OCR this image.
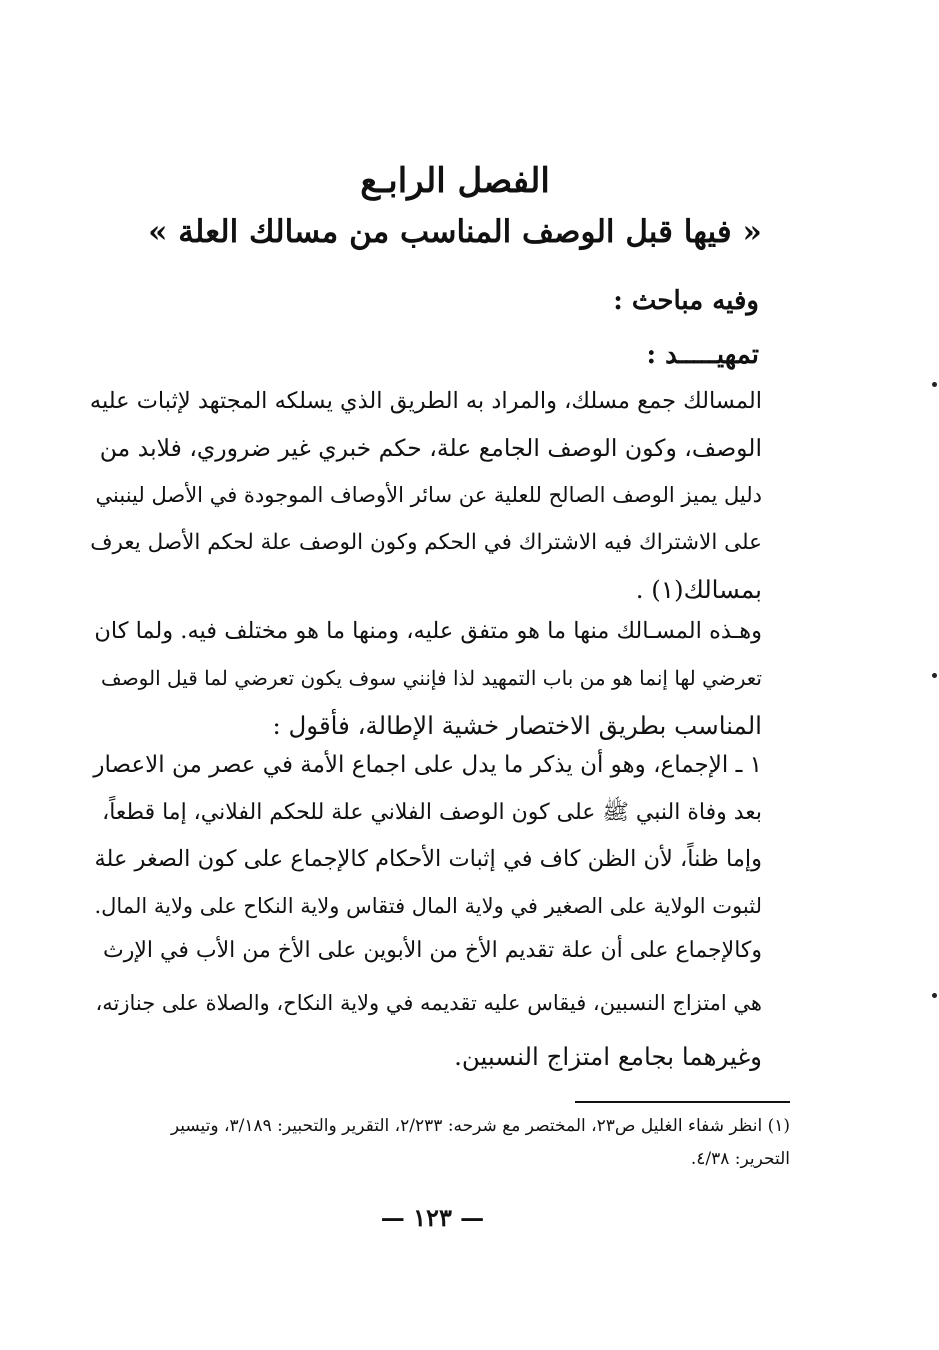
الفصل الرابـع
« فيها قبل الوصف المناسب من مسالك العلة »
وفيه مباحث :
تمهيـــــد :
المسالك جمع مسلك، والمراد به الطريق الذي يسلكه المجتهد لإثبات عليه
الوصف، وكون الوصف الجامع علة، حكم خبري غير ضروري، فلابد من
دليل يميز الوصف الصالح للعلية عن سائر الأوصاف الموجودة في الأصل لينبني
على الاشتراك فيه الاشتراك في الحكم وكون الوصف علة لحكم الأصل يعرف
بمسالك(١) .
وهـذه المسـالك منها ما هو متفق عليه، ومنها ما هو مختلف فيه. ولما كان
تعرضي لها إنما هو من باب التمهيد لذا فإنني سوف يكون تعرضي لما قيل الوصف
المناسب بطريق الاختصار خشية الإطالة، فأقول :
١ ـ الإجماع، وهو أن يذكر ما يدل على اجماع الأمة في عصر من الاعصار
بعد وفاة النبي ﷺ على كون الوصف الفلاني علة للحكم الفلاني، إما قطعاً،
وإما ظناً، لأن الظن كاف في إثبات الأحكام كالإجماع على كون الصغر علة
لثبوت الولاية على الصغير في ولاية المال فتقاس ولاية النكاح على ولاية المال.
وكالإجماع على أن علة تقديم الأخ من الأبوين على الأخ من الأب في الإرث
هي امتزاج النسبين، فيقاس عليه تقديمه في ولاية النكاح، والصلاة على جنازته،
وغيرهما بجامع امتزاج النسبين.
(١) انظر شفاء الغليل ص٢٣، المختصر مع شرحه: ٢/٢٣٣، التقرير والتحبير: ٣/١٨٩، وتيسير
التحرير: ٤/٣٨.
— ١٢٣ —
